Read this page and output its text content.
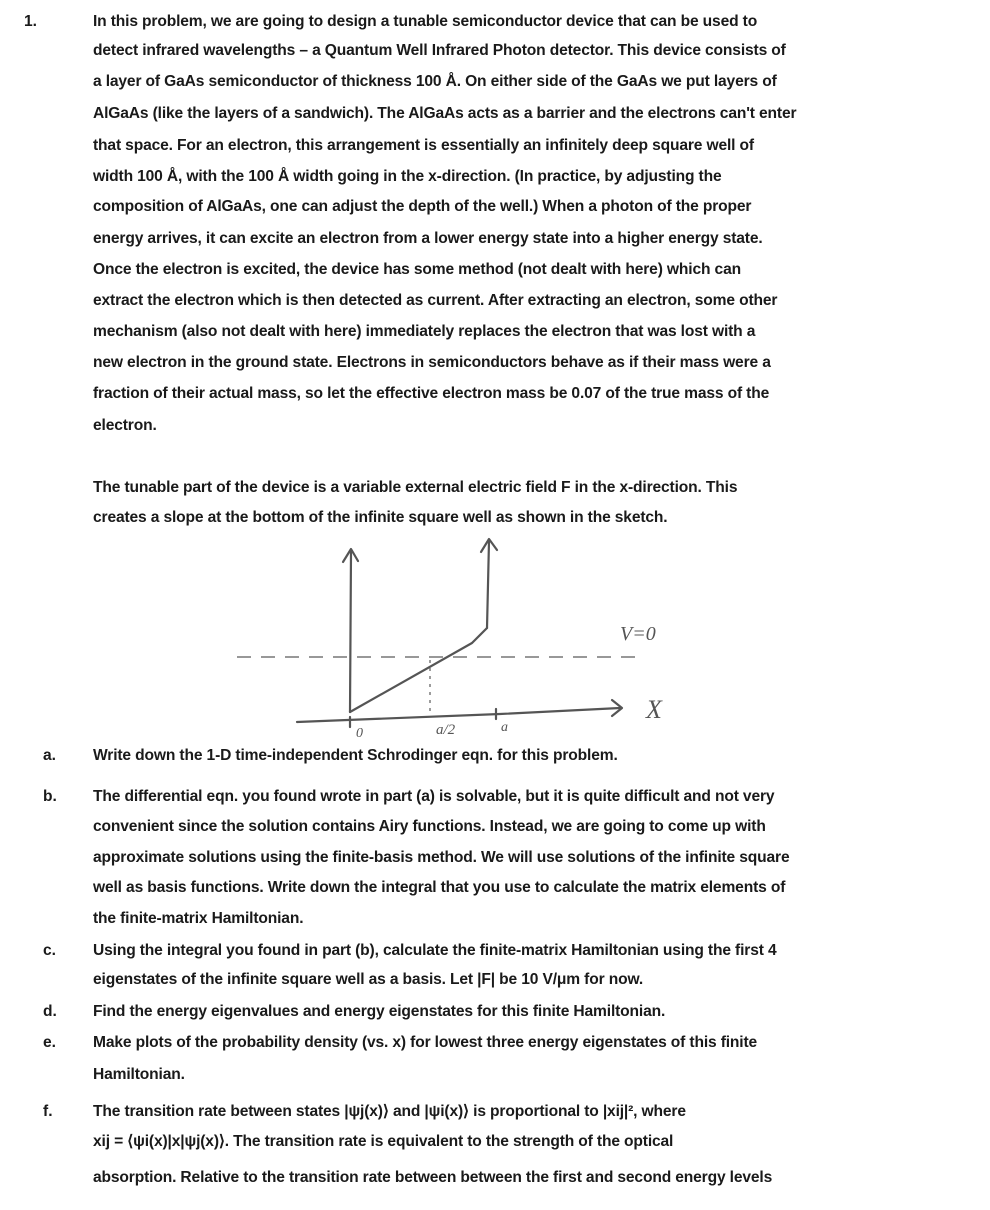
1.	In this problem, we are going to design a tunable semiconductor device that can be used to
detect infrared wavelengths – a Quantum Well Infrared Photon detector. This device consists of
a layer of GaAs semiconductor of thickness 100 Å. On either side of the GaAs we put layers of
AlGaAs (like the layers of a sandwich). The AlGaAs acts as a barrier and the electrons can't enter
that space. For an electron, this arrangement is essentially an infinitely deep square well of
width 100 Å, with the 100 Å width going in the x-direction. (In practice, by adjusting the
composition of AlGaAs, one can adjust the depth of the well.) When a photon of the proper
energy arrives, it can excite an electron from a lower energy state into a higher energy state.
Once the electron is excited, the device has some method (not dealt with here) which can
extract the electron which is then detected as current. After extracting an electron, some other
mechanism (also not dealt with here) immediately replaces the electron that was lost with a
new electron in the ground state. Electrons in semiconductors behave as if their mass were a
fraction of their actual mass, so let the effective electron mass be 0.07 of the true mass of the
electron.
The tunable part of the device is a variable external electric field F in the x-direction. This
creates a slope at the bottom of the infinite square well as shown in the sketch.
X
V=0
0	a/2	a
a. Write down the 1-D time-independent Schrodinger eqn. for this problem.
b. The differential eqn. you found wrote in part (a) is solvable, but it is quite difficult and not very
convenient since the solution contains Airy functions. Instead, we are going to come up with
approximate solutions using the finite-basis method. We will use solutions of the infinite square
well as basis functions. Write down the integral that you use to calculate the matrix elements of
the finite-matrix Hamiltonian.
c. Using the integral you found in part (b), calculate the finite-matrix Hamiltonian using the first 4
eigenstates of the infinite square well as a basis. Let |F| be 10 V/μm for now.
d. Find the energy eigenvalues and energy eigenstates for this finite Hamiltonian.
e. Make plots of the probability density (vs. x) for lowest three energy eigenstates of this finite
Hamiltonian.
f.	The transition rate between states |ψj(x)⟩ and |ψi(x)⟩ is proportional to |xij|², where
xij = ⟨ψi(x)|x|ψj(x)⟩. The transition rate is equivalent to the strength of the optical
absorption. Relative to the transition rate between between the first and second energy levels
